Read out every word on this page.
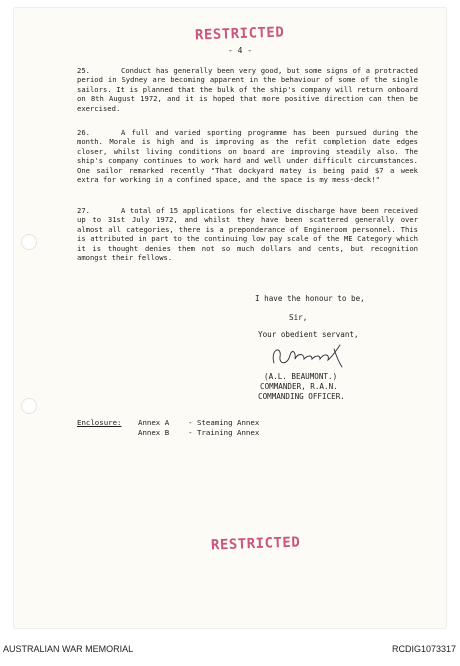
RESTRICTED
- 4 -

25.	Conduct has generally been very good, but some signs of a protracted period in Sydney are becoming apparent in the behaviour of some of the single sailors. It is planned that the bulk of the ship's company will return onboard on 8th August 1972, and it is hoped that more positive direction can then be exercised.

26.	A full and varied sporting programme has been pursued during the month. Morale is high and is improving as the refit completion date edges closer, whilst living conditions on board are improving steadily also. The ship's company continues to work hard and well under difficult circumstances. One sailor remarked recently "That dockyard matey is being paid $7 a week extra for working in a confined space, and the space is my mess-deck!"

27.	A total of 15 applications for elective discharge have been received up to 31st July 1972, and whilst they have been scattered generally over almost all categories, there is a preponderance of Engineroom personnel. This is attributed in part to the continuing low pay scale of the ME Category which it is thought denies them not so much dollars and cents, but recognition amongst their fellows.

I have the honour to be,
Sir,
Your obedient servant,
(A.L. BEAUMONT.)
COMMANDER, R.A.N.
COMMANDING OFFICER.
Enclosure: Annex A	- Steaming Annex
Annex B	- Training Annex
RESTRICTED
AUSTRALIAN WAR MEMORIAL	RCDIG1073317
